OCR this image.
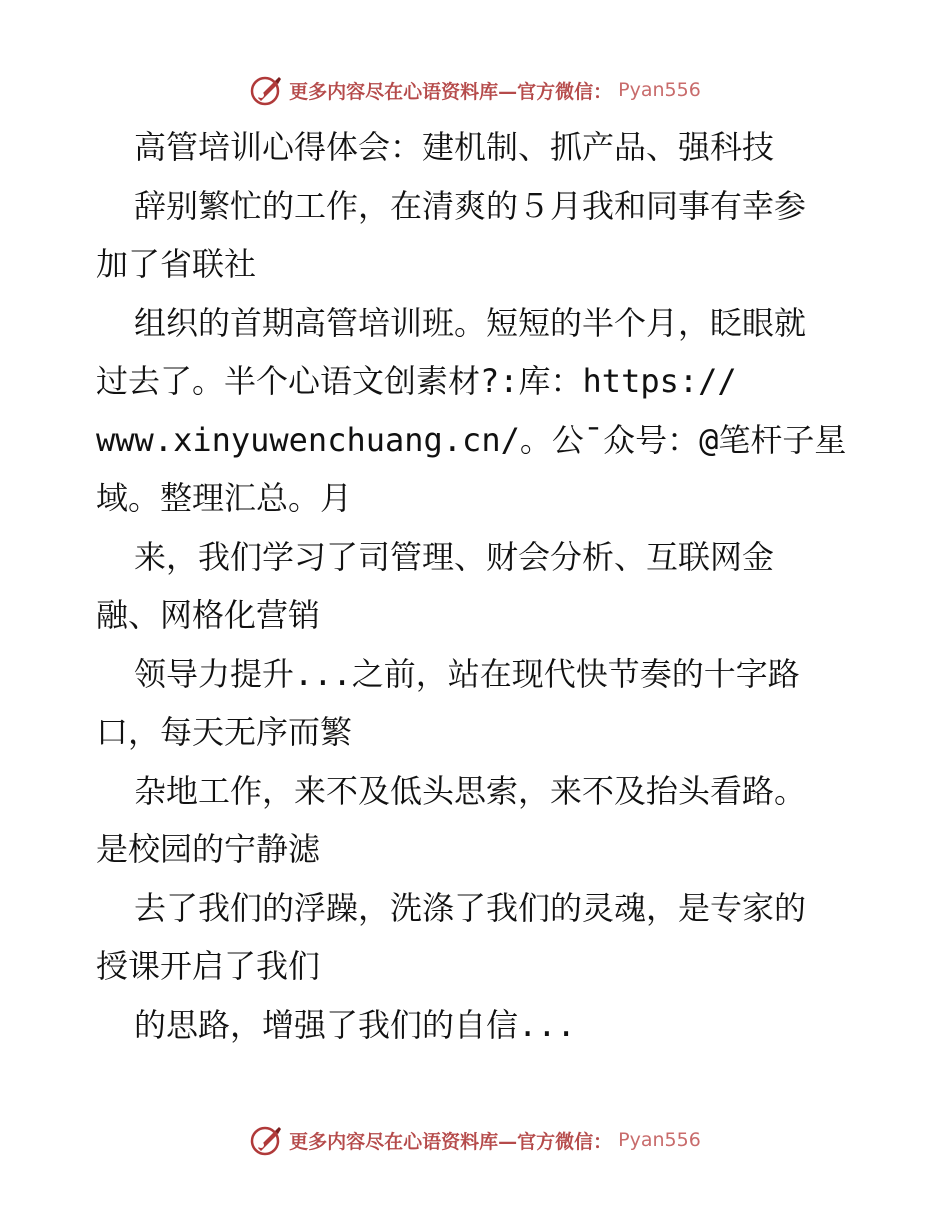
更多内容尽在心语资料库—官方微信： Pyan556
高管培训心得体会：建机制、抓产品、强科技
辞别繁忙的工作，在清爽的５月我和同事有幸参
加了省联社
组织的首期高管培训班。短短的半个月，眨眼就
过去了。半个心语文创素材?:库：https://
www.xinyuwenchuang.cn/。公¯众号：@笔杆子星
域。整理汇总。月
来，我们学习了司管理、财会分析、互联网金
融、网格化营销
领导力提升...之前，站在现代快节奏的十字路
口，每天无序而繁
杂地工作，来不及低头思索，来不及抬头看路。
是校园的宁静滤
去了我们的浮躁，洗涤了我们的灵魂，是专家的
授课开启了我们
的思路，增强了我们的自信...
更多内容尽在心语资料库—官方微信： Pyan556
